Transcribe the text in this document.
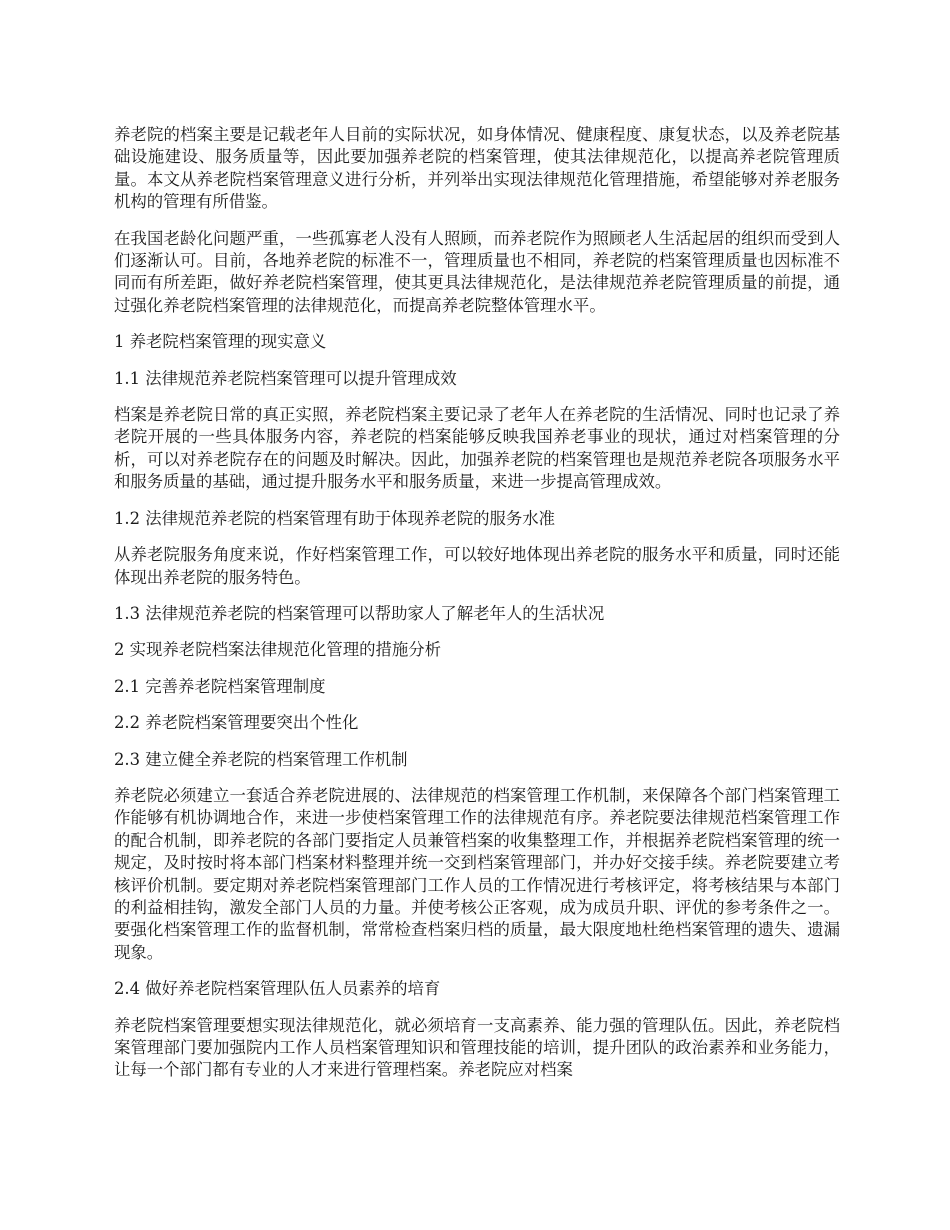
养老院的档案主要是记载老年人目前的实际状况，如身体情况、健康程度、康复状态，以及养老院基础设施建设、服务质量等，因此要加强养老院的档案管理，使其法律规范化，以提高养老院管理质量。本文从养老院档案管理意义进行分析，并列举出实现法律规范化管理措施，希望能够对养老服务机构的管理有所借鉴。

在我国老龄化问题严重，一些孤寡老人没有人照顾，而养老院作为照顾老人生活起居的组织而受到人们逐渐认可。目前，各地养老院的标准不一，管理质量也不相同，养老院的档案管理质量也因标准不同而有所差距，做好养老院档案管理，使其更具法律规范化，是法律规范养老院管理质量的前提，通过强化养老院档案管理的法律规范化，而提高养老院整体管理水平。

1 养老院档案管理的现实意义

1.1 法律规范养老院档案管理可以提升管理成效

档案是养老院日常的真正实照，养老院档案主要记录了老年人在养老院的生活情况、同时也记录了养老院开展的一些具体服务内容，养老院的档案能够反映我国养老事业的现状，通过对档案管理的分析，可以对养老院存在的问题及时解决。因此，加强养老院的档案管理也是规范养老院各项服务水平和服务质量的基础，通过提升服务水平和服务质量，来进一步提高管理成效。

1.2 法律规范养老院的档案管理有助于体现养老院的服务水准

从养老院服务角度来说，作好档案管理工作，可以较好地体现出养老院的服务水平和质量，同时还能体现出养老院的服务特色。

1.3 法律规范养老院的档案管理可以帮助家人了解老年人的生活状况

2 实现养老院档案法律规范化管理的措施分析

2.1 完善养老院档案管理制度

2.2 养老院档案管理要突出个性化

2.3 建立健全养老院的档案管理工作机制

养老院必须建立一套适合养老院进展的、法律规范的档案管理工作机制，来保障各个部门档案管理工作能够有机协调地合作，来进一步使档案管理工作的法律规范有序。养老院要法律规范档案管理工作的配合机制，即养老院的各部门要指定人员兼管档案的收集整理工作，并根据养老院档案管理的统一规定，及时按时将本部门档案材料整理并统一交到档案管理部门，并办好交接手续。养老院要建立考核评价机制。要定期对养老院档案管理部门工作人员的工作情况进行考核评定，将考核结果与本部门的利益相挂钩，激发全部门人员的力量。并使考核公正客观，成为成员升职、评优的参考条件之一。要强化档案管理工作的监督机制，常常检查档案归档的质量，最大限度地杜绝档案管理的遗失、遗漏现象。

2.4 做好养老院档案管理队伍人员素养的培育

养老院档案管理要想实现法律规范化，就必须培育一支高素养、能力强的管理队伍。因此，养老院档案管理部门要加强院内工作人员档案管理知识和管理技能的培训，提升团队的政治素养和业务能力，让每一个部门都有专业的人才来进行管理档案。养老院应对档案
